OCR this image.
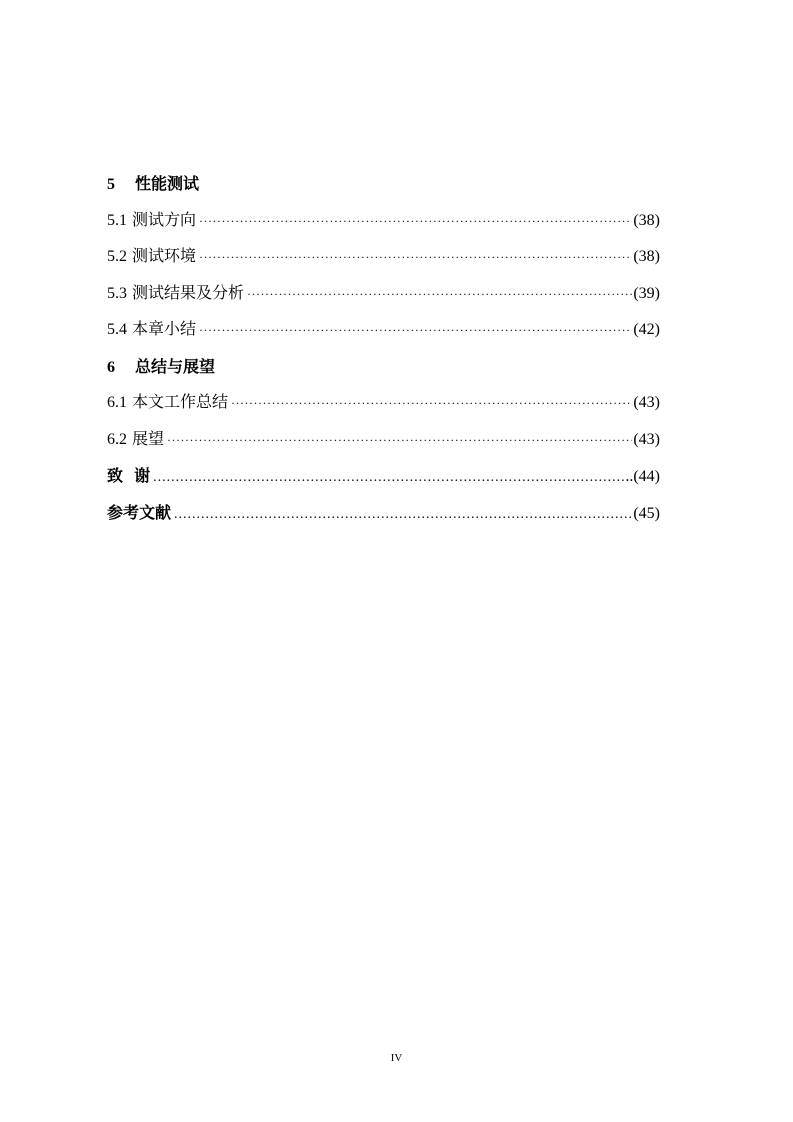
5	性能测试
5.1 测试方向 ·····	(38)
5.2 测试环境 ·····	(38)
5.3 测试结果及分析 ·····	(39)
5.4 本章小结 ·····	(42)
6	总结与展望
6.1 本文工作总结 ·····	(43)
6.2 展望 ·····	(43)
致  谢 .....	..(44)
参考文献 .....	(45)
IV
